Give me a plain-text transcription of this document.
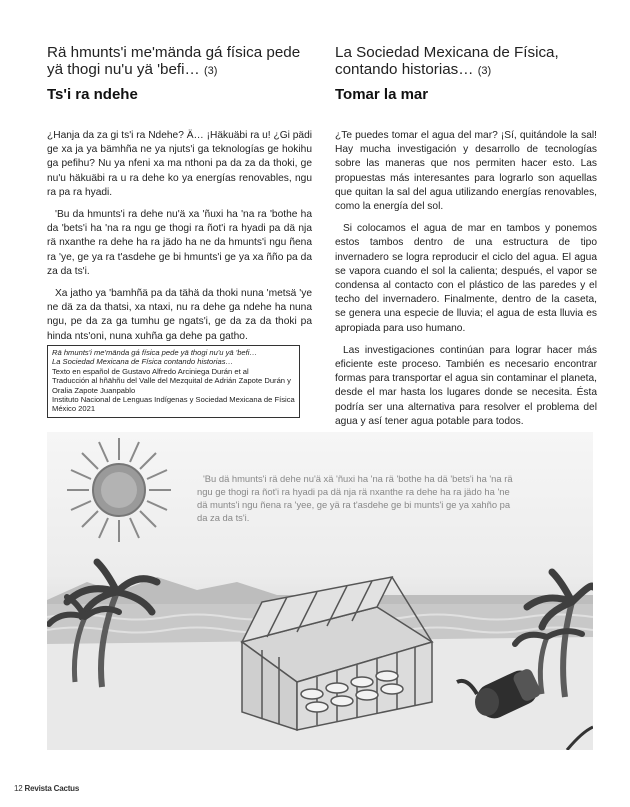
Rä hmunts'i me'mända gá física pede
yä thogi nu'u yä 'befi… (3)
Ts'i ra ndehe

¿Hanja da za gi ts'i ra Ndehe? Ä… ¡Häkuäbi ra u! ¿Gi pädi ge xa ja ya bämhña ne ya njuts'i ga teknologías ge hokihu ga pefihu? Nu ya nfeni xa ma nthoni pa da za da thoki, ge nu'u häkuäbi ra u ra dehe ko ya energías renovables, ngu ra pa ra hyadi.

'Bu da hmunts'i ra dehe nu'ä xa 'ñuxi ha 'na ra 'bothe ha da 'bets'i ha 'na ra ngu ge thogi ra ñot'i ra hyadi pa dä nja rä nxanthe ra dehe ha ra jädo ha ne da hmunts'i ngu ñena ra 'ye, ge ya ra t'asdehe ge bi hmunts'i ge ya xa ñño pa da za da ts'i.

Xa jatho ya 'bamhñä pa da tähä da thoki nuna 'metsä 'ye ne dä za da thatsi, xa ntaxi, nu ra dehe ga ndehe ha nuna ngu, pe da za ga tumhu ge ngats'i, ge da za da thoki pa hinda nts'oni, nuna xuhña ga dehe pa gatho.

La Sociedad Mexicana de Física,
contando historias… (3)
Tomar la mar

¿Te puedes tomar el agua del mar? ¡Sí, quitándole la sal! Hay mucha investigación y desarrollo de tecnologías sobre las maneras que nos permiten hacer esto. Las propuestas más interesantes para lograrlo son aquellas que quitan la sal del agua utilizando energías renovables, como la energía del sol.

Si colocamos el agua de mar en tambos y ponemos estos tambos dentro de una estructura de tipo invernadero se logra reproducir el ciclo del agua. El agua se vapora cuando el sol la calienta; después, el vapor se condensa al contacto con el plástico de las paredes y el techo del invernadero. Finalmente, dentro de la caseta, se genera una especie de lluvia; el agua de esta lluvia es apropiada para uso humano.

Las investigaciones continúan para lograr hacer más eficiente este proceso. También es necesario encontrar formas para transportar el agua sin contaminar el planeta, desde el mar hasta los lugares donde se necesita. Ésta podría ser una alternativa para resolver el problema del agua y así tener agua potable para todos.

Rä hmunts'i me'mända gá física pede yä thogi nu'u yä 'befi…
La Sociedad Mexicana de Física contando historias…
Texto en español de Gustavo Alfredo Arciniega Durán et al
Traducción al hñähñu del Valle del Mezquital de Adrián Zapote Durán y Oralia Zapote Juanpablo
Instituto Nacional de Lenguas Indígenas y Sociedad Mexicana de Física
México 2021
'Bu dä hmunts'i rä dehe nu'ä xä 'ñuxi ha 'na rä 'bothe ha dä 'bets'i ha 'na rä ngu ge thogi ra ñot'i ra hyadi pa dä nja rä nxanthe ra dehe ha ra jädo ha 'ne dä munts'i ngu ñena ra 'yee, ge yä ra t'asdehe ge bi munts'i ge ya xahño pa da za da ts'i.
12 Revista Cactus
